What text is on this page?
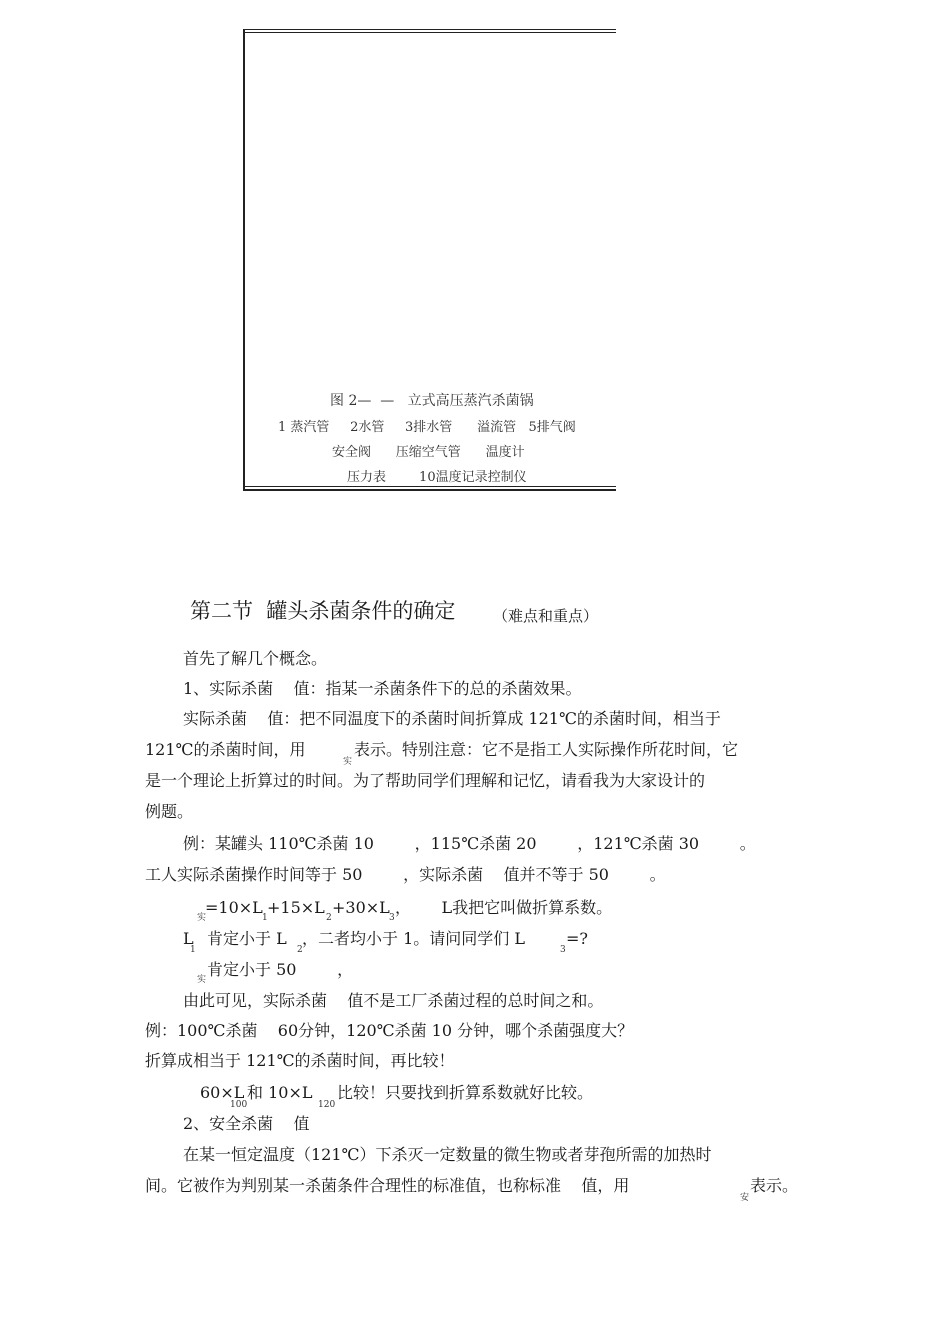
图 2—  —   立式高压蒸汽杀菌锅
1 蒸汽管     2水管     3排水管      溢流管   5排气阀
安全阀      压缩空气管      温度计
压力表        10温度记录控制仪
第二节  罐头杀菌条件的确定	（难点和重点）
首先了解几个概念。
1、实际杀菌    值：指某一杀菌条件下的总的杀菌效果。
实际杀菌    值：把不同温度下的杀菌时间折算成 121℃的杀菌时间，相当于
121℃的杀菌时间，用
实
表示。特别注意：它不是指工人实际操作所花时间，它
是一个理论上折算过的时间。为了帮助同学们理解和记忆，请看我为大家设计的
例题。
例：某罐头 110℃杀菌 10        ，115℃杀菌 20        ，121℃杀菌 30        。
工人实际杀菌操作时间等于 50        ，实际杀菌    值并不等于 50        。
实
=10×L
1
+15×L
2
+30×L
3
，      L我把它叫做折算系数。
L
1
肯定小于 L
2
，二者均小于 1。请问同学们 L
3
=?
实
肯定小于 50        ，
由此可见，实际杀菌    值不是工厂杀菌过程的总时间之和。
例：100℃杀菌    60分钟，120℃杀菌 10 分钟，哪个杀菌强度大？
折算成相当于 121℃的杀菌时间，再比较！
60×L
100
和 10×L
120
比较！只要找到折算系数就好比较。
2、安全杀菌    值
在某一恒定温度（121℃）下杀灭一定数量的微生物或者芽孢所需的加热时
间。它被作为判别某一杀菌条件合理性的标准值，也称标准    值，用
安
表示。
